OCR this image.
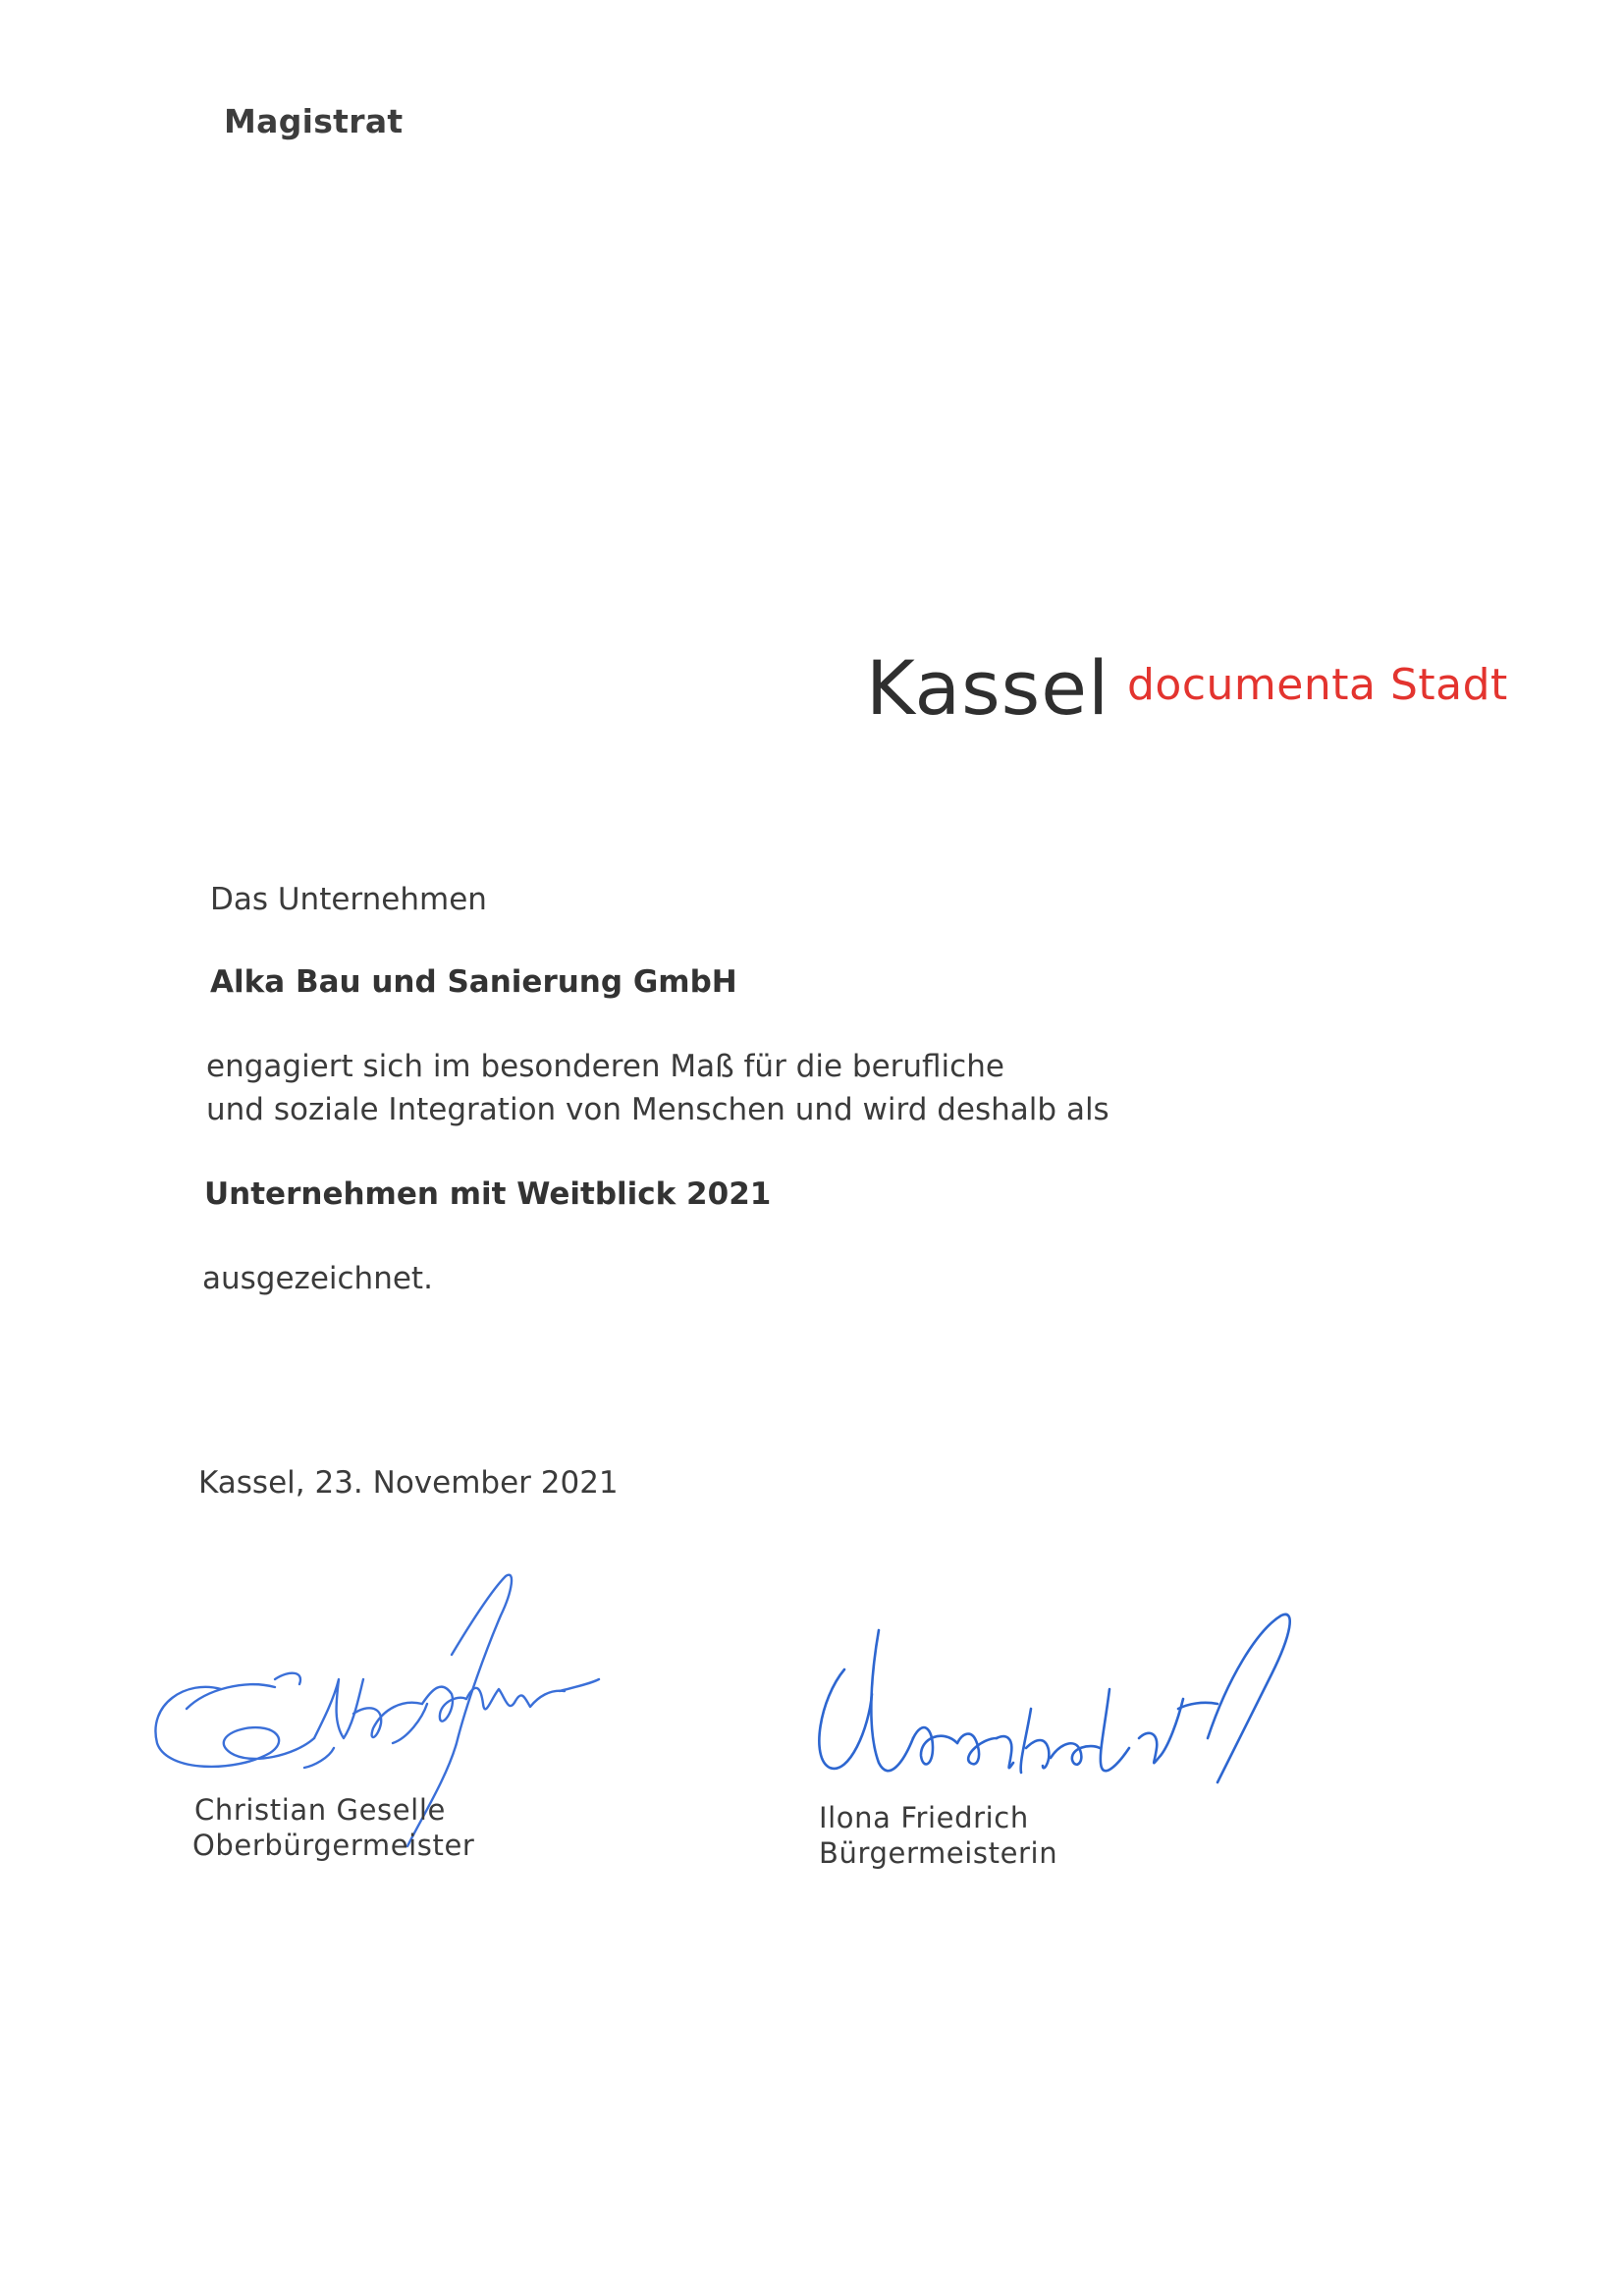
Magistrat
Kassel documenta Stadt
Das Unternehmen
Alka Bau und Sanierung GmbH
engagiert sich im besonderen Maß für die berufliche
und soziale Integration von Menschen und wird deshalb als
Unternehmen mit Weitblick 2021
ausgezeichnet.
Kassel, 23. November 2021
Christian Geselle
Oberbürgermeister
Ilona Friedrich
Bürgermeisterin
